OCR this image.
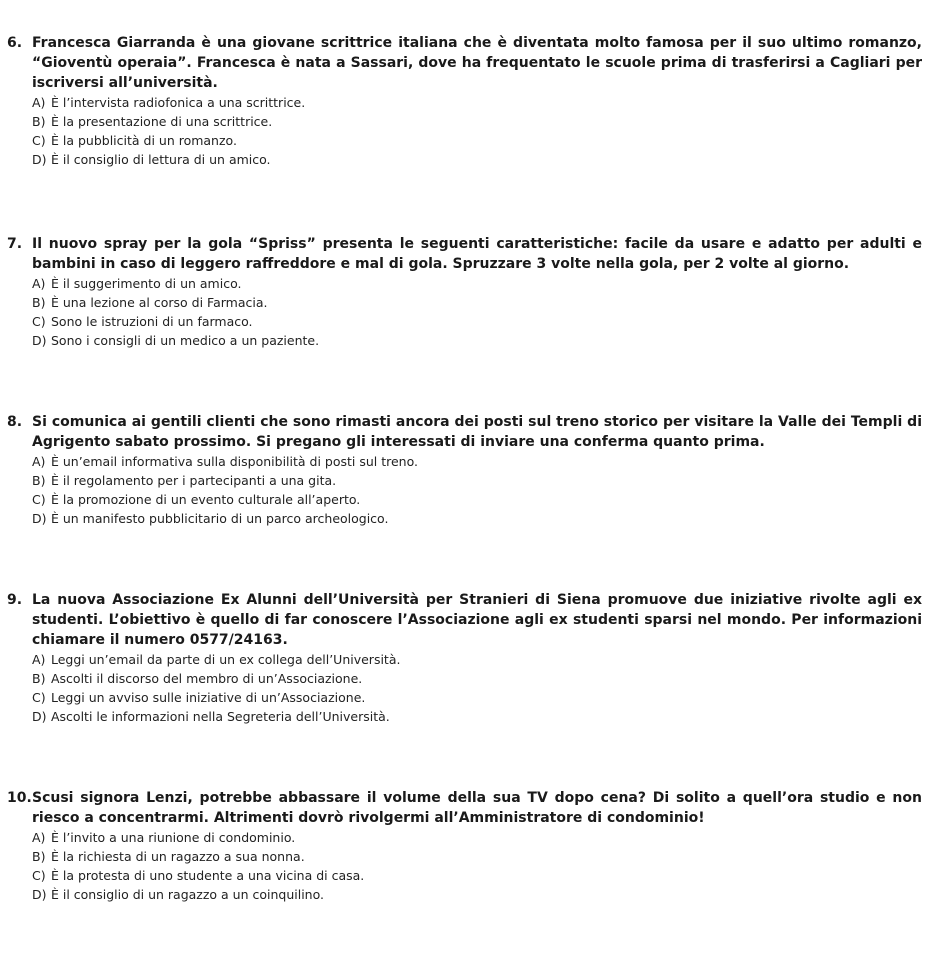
6. Francesca Giarranda è una giovane scrittrice italiana che è diventata molto famosa per il suo ultimo romanzo, “Gioventù operaia”. Francesca è nata a Sassari, dove ha frequentato le scuole prima di trasferirsi a Cagliari per iscriversi all’università.
A) È l’intervista radiofonica a una scrittrice.
B) È la presentazione di una scrittrice.
C) È la pubblicità di un romanzo.
D) È il consiglio di lettura di un amico.
7. Il nuovo spray per la gola “Spriss” presenta le seguenti caratteristiche: facile da usare e adatto per adulti e bambini in caso di leggero raffreddore e mal di gola. Spruzzare 3 volte nella gola, per 2 volte al giorno.
A) È il suggerimento di un amico.
B) È una lezione al corso di Farmacia.
C) Sono le istruzioni di un farmaco.
D) Sono i consigli di un medico a un paziente.
8. Si comunica ai gentili clienti che sono rimasti ancora dei posti sul treno storico per visitare la Valle dei Templi di Agrigento sabato prossimo. Si pregano gli interessati di inviare una conferma quanto prima.
A) È un’email informativa sulla disponibilità di posti sul treno.
B) È il regolamento per i partecipanti a una gita.
C) È la promozione di un evento culturale all’aperto.
D) È un manifesto pubblicitario di un parco archeologico.
9. La nuova Associazione Ex Alunni dell’Università per Stranieri di Siena promuove due iniziative rivolte agli ex studenti. L’obiettivo è quello di far conoscere l’Associazione agli ex studenti sparsi nel mondo. Per informazioni chiamare il numero 0577/24163.
A) Leggi un’email da parte di un ex collega dell’Università.
B) Ascolti il discorso del membro di un’Associazione.
C) Leggi un avviso sulle iniziative di un’Associazione.
D) Ascolti le informazioni nella Segreteria dell’Università.
10. Scusi signora Lenzi, potrebbe abbassare il volume della sua TV dopo cena? Di solito a quell’ora studio e non riesco a concentrarmi. Altrimenti dovrò rivolgermi all’Amministratore di condominio!
A) È l’invito a una riunione di condominio.
B) È la richiesta di un ragazzo a sua nonna.
C) È la protesta di uno studente a una vicina di casa.
D) È il consiglio di un ragazzo a un coinquilino.
